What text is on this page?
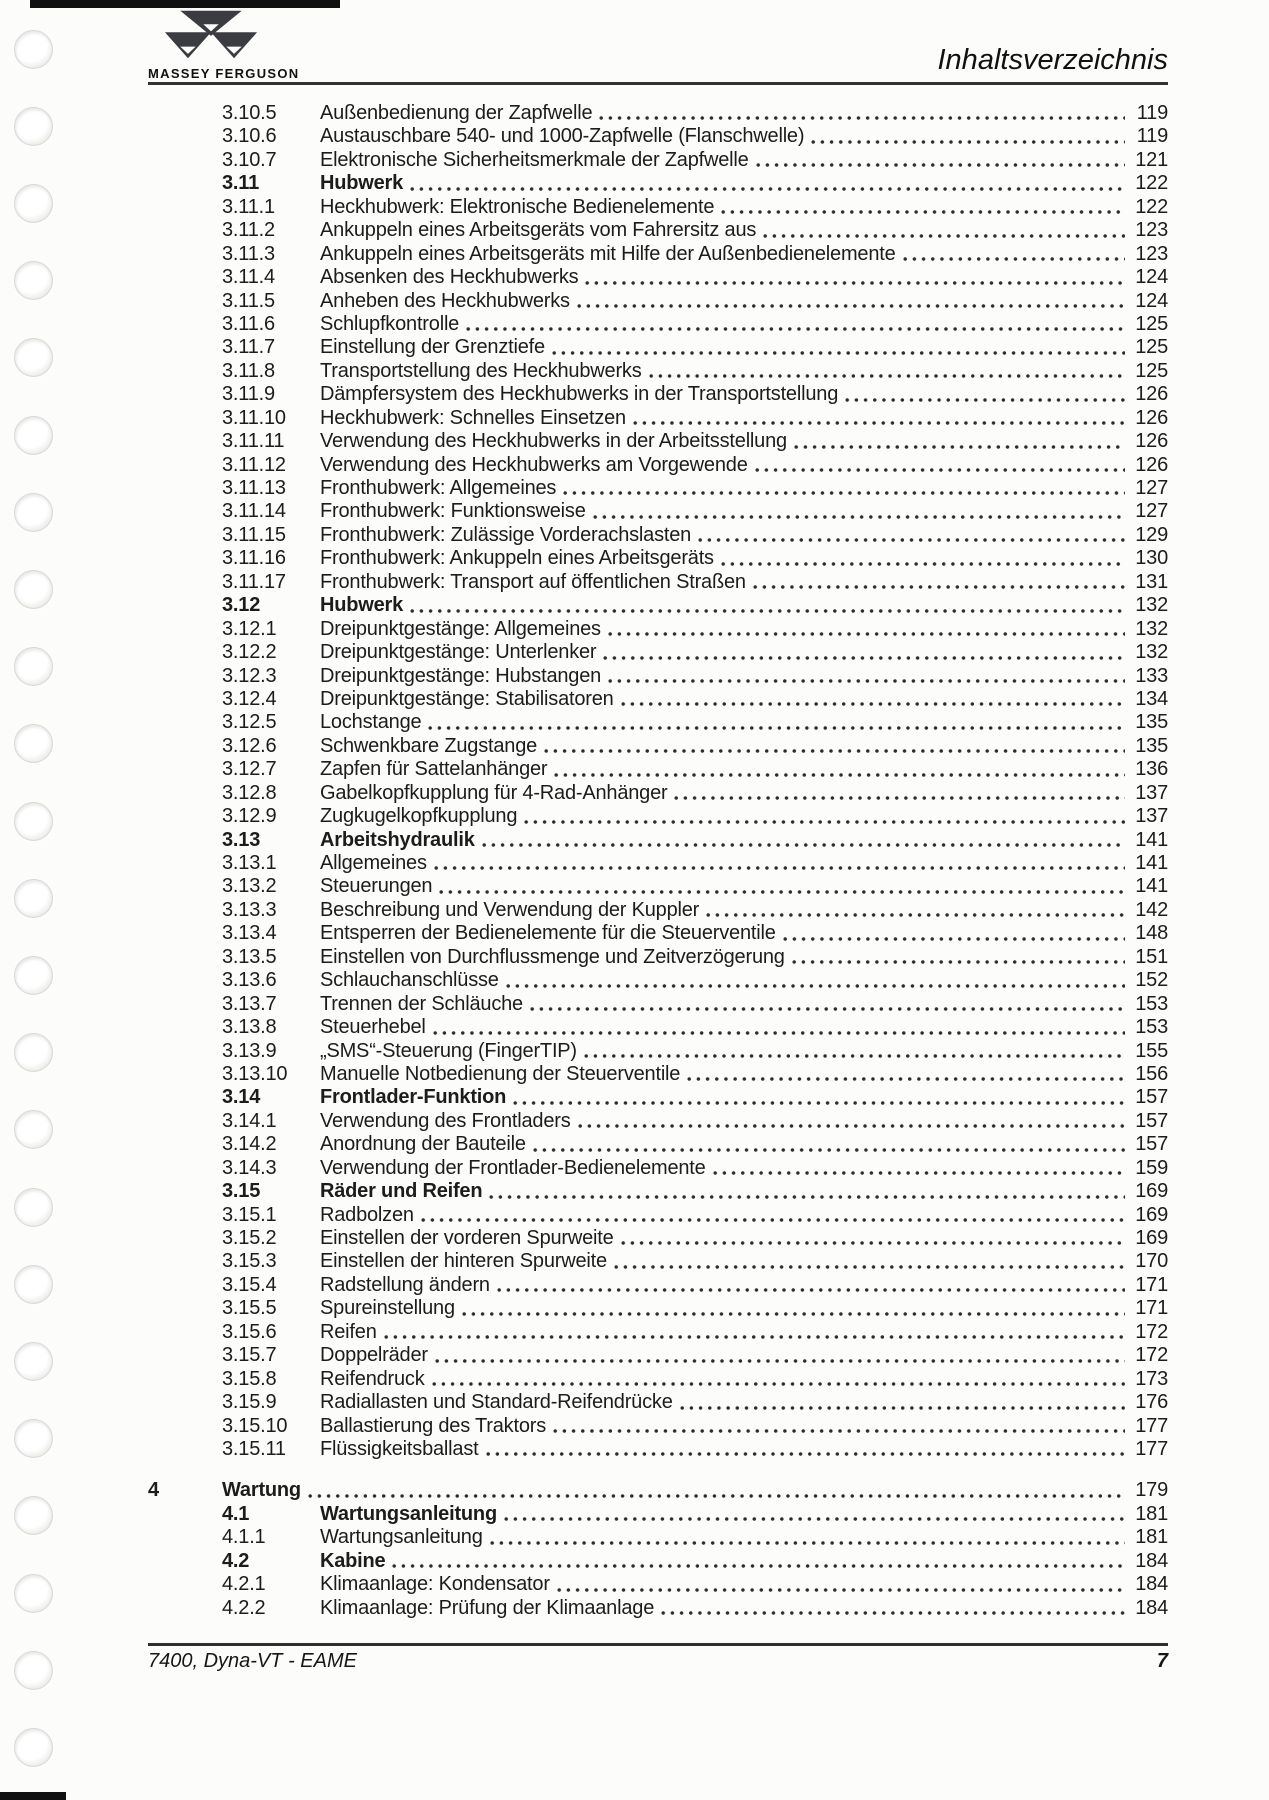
MASSEY FERGUSON	Inhaltsverzeichnis
3.10.5	Außenbedienung der Zapfwelle	119
3.10.6	Austauschbare 540- und 1000-Zapfwelle (Flanschwelle)	119
3.10.7	Elektronische Sicherheitsmerkmale der Zapfwelle	121
3.11	Hubwerk	122
3.11.1	Heckhubwerk: Elektronische Bedienelemente	122
3.11.2	Ankuppeln eines Arbeitsgeräts vom Fahrersitz aus	123
3.11.3	Ankuppeln eines Arbeitsgeräts mit Hilfe der Außenbedienelemente	123
3.11.4	Absenken des Heckhubwerks	124
3.11.5	Anheben des Heckhubwerks	124
3.11.6	Schlupfkontrolle	125
3.11.7	Einstellung der Grenztiefe	125
3.11.8	Transportstellung des Heckhubwerks	125
3.11.9	Dämpfersystem des Heckhubwerks in der Transportstellung	126
3.11.10	Heckhubwerk: Schnelles Einsetzen	126
3.11.11	Verwendung des Heckhubwerks in der Arbeitsstellung	126
3.11.12	Verwendung des Heckhubwerks am Vorgewende	126
3.11.13	Fronthubwerk: Allgemeines	127
3.11.14	Fronthubwerk: Funktionsweise	127
3.11.15	Fronthubwerk: Zulässige Vorderachslasten	129
3.11.16	Fronthubwerk: Ankuppeln eines Arbeitsgeräts	130
3.11.17	Fronthubwerk: Transport auf öffentlichen Straßen	131
3.12	Hubwerk	132
3.12.1	Dreipunktgestänge: Allgemeines	132
3.12.2	Dreipunktgestänge: Unterlenker	132
3.12.3	Dreipunktgestänge: Hubstangen	133
3.12.4	Dreipunktgestänge: Stabilisatoren	134
3.12.5	Lochstange	135
3.12.6	Schwenkbare Zugstange	135
3.12.7	Zapfen für Sattelanhänger	136
3.12.8	Gabelkopfkupplung für 4-Rad-Anhänger	137
3.12.9	Zugkugelkopfkupplung	137
3.13	Arbeitshydraulik	141
3.13.1	Allgemeines	141
3.13.2	Steuerungen	141
3.13.3	Beschreibung und Verwendung der Kuppler	142
3.13.4	Entsperren der Bedienelemente für die Steuerventile	148
3.13.5	Einstellen von Durchflussmenge und Zeitverzögerung	151
3.13.6	Schlauchanschlüsse	152
3.13.7	Trennen der Schläuche	153
3.13.8	Steuerhebel	153
3.13.9	„SMS“-Steuerung (FingerTIP)	155
3.13.10	Manuelle Notbedienung der Steuerventile	156
3.14	Frontlader-Funktion	157
3.14.1	Verwendung des Frontladers	157
3.14.2	Anordnung der Bauteile	157
3.14.3	Verwendung der Frontlader-Bedienelemente	159
3.15	Räder und Reifen	169
3.15.1	Radbolzen	169
3.15.2	Einstellen der vorderen Spurweite	169
3.15.3	Einstellen der hinteren Spurweite	170
3.15.4	Radstellung ändern	171
3.15.5	Spureinstellung	171
3.15.6	Reifen	172
3.15.7	Doppelräder	172
3.15.8	Reifendruck	173
3.15.9	Radiallasten und Standard-Reifendrücke	176
3.15.10	Ballastierung des Traktors	177
3.15.11	Flüssigkeitsballast	177
4	Wartung	179
4.1	Wartungsanleitung	181
4.1.1	Wartungsanleitung	181
4.2	Kabine	184
4.2.1	Klimaanlage: Kondensator	184
4.2.2	Klimaanlage: Prüfung der Klimaanlage	184
7400, Dyna-VT - EAME	7
